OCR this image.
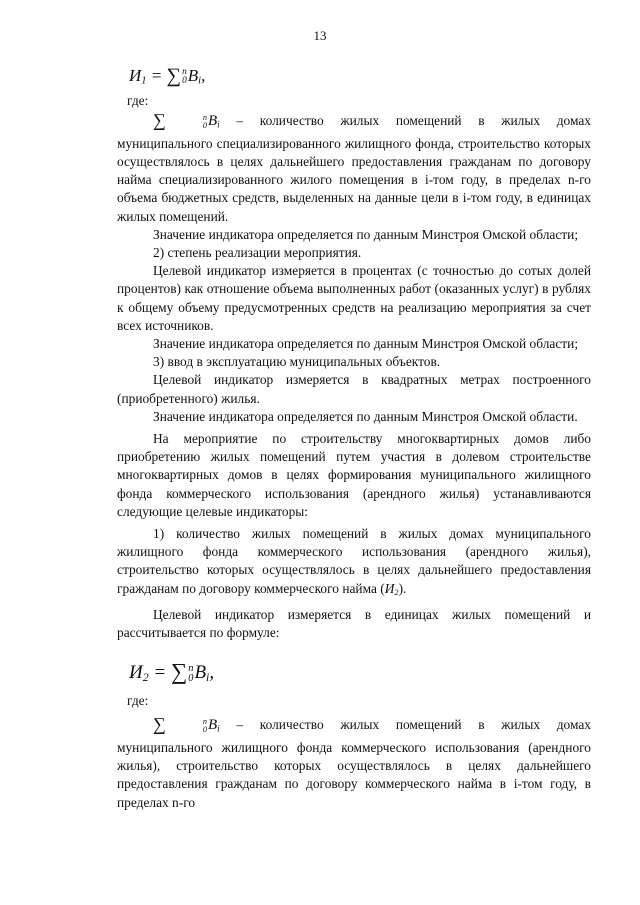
13
$И_1$ = ∑ n
0 $B_i$,

где:

∑	n
0 $B_i$ – количество жилых помещений в жилых домах муниципального специализированного жилищного фонда, строительство которых осуществлялось в целях дальнейшего предоставления гражданам по договору найма специализированного жилого помещения в i-том году, в пределах n-го объема бюджетных средств, выделенных на данные цели в i-том году, в единицах жилых помещений.

Значение индикатора определяется по данным Минстроя Омской области;

2) степень реализации мероприятия.

Целевой индикатор измеряется в процентах (с точностью до сотых долей процентов) как отношение объема выполненных работ (оказанных услуг) в рублях к общему объему предусмотренных средств на реализацию мероприятия за счет всех источников.

Значение индикатора определяется по данным Минстроя Омской области;

3) ввод в эксплуатацию муниципальных объектов.

Целевой индикатор измеряется в квадратных метрах построенного (приобретенного) жилья.

Значение индикатора определяется по данным Минстроя Омской области.

На мероприятие по строительству многоквартирных домов либо приобретению жилых помещений путем участия в долевом строительстве многоквартирных домов в целях формирования муниципального жилищного фонда коммерческого использования (арендного жилья) устанавливаются следующие целевые индикаторы:

1) количество жилых помещений в жилых домах муниципального жилищного фонда коммерческого использования (арендного жилья), строительство которых осуществлялось в целях дальнейшего предоставления гражданам по договору коммерческого найма $(И_2)$.

Целевой индикатор измеряется в единицах жилых помещений и рассчитывается по формуле:

$И_2$ = ∑ n
0 $B_i$,

где:

∑	n
0 $B_i$ – количество жилых помещений в жилых домах муниципального жилищного фонда коммерческого использования (арендного жилья), строительство которых осуществлялось в целях дальнейшего предоставления гражданам по договору коммерческого найма в i-том году, в пределах n-го
